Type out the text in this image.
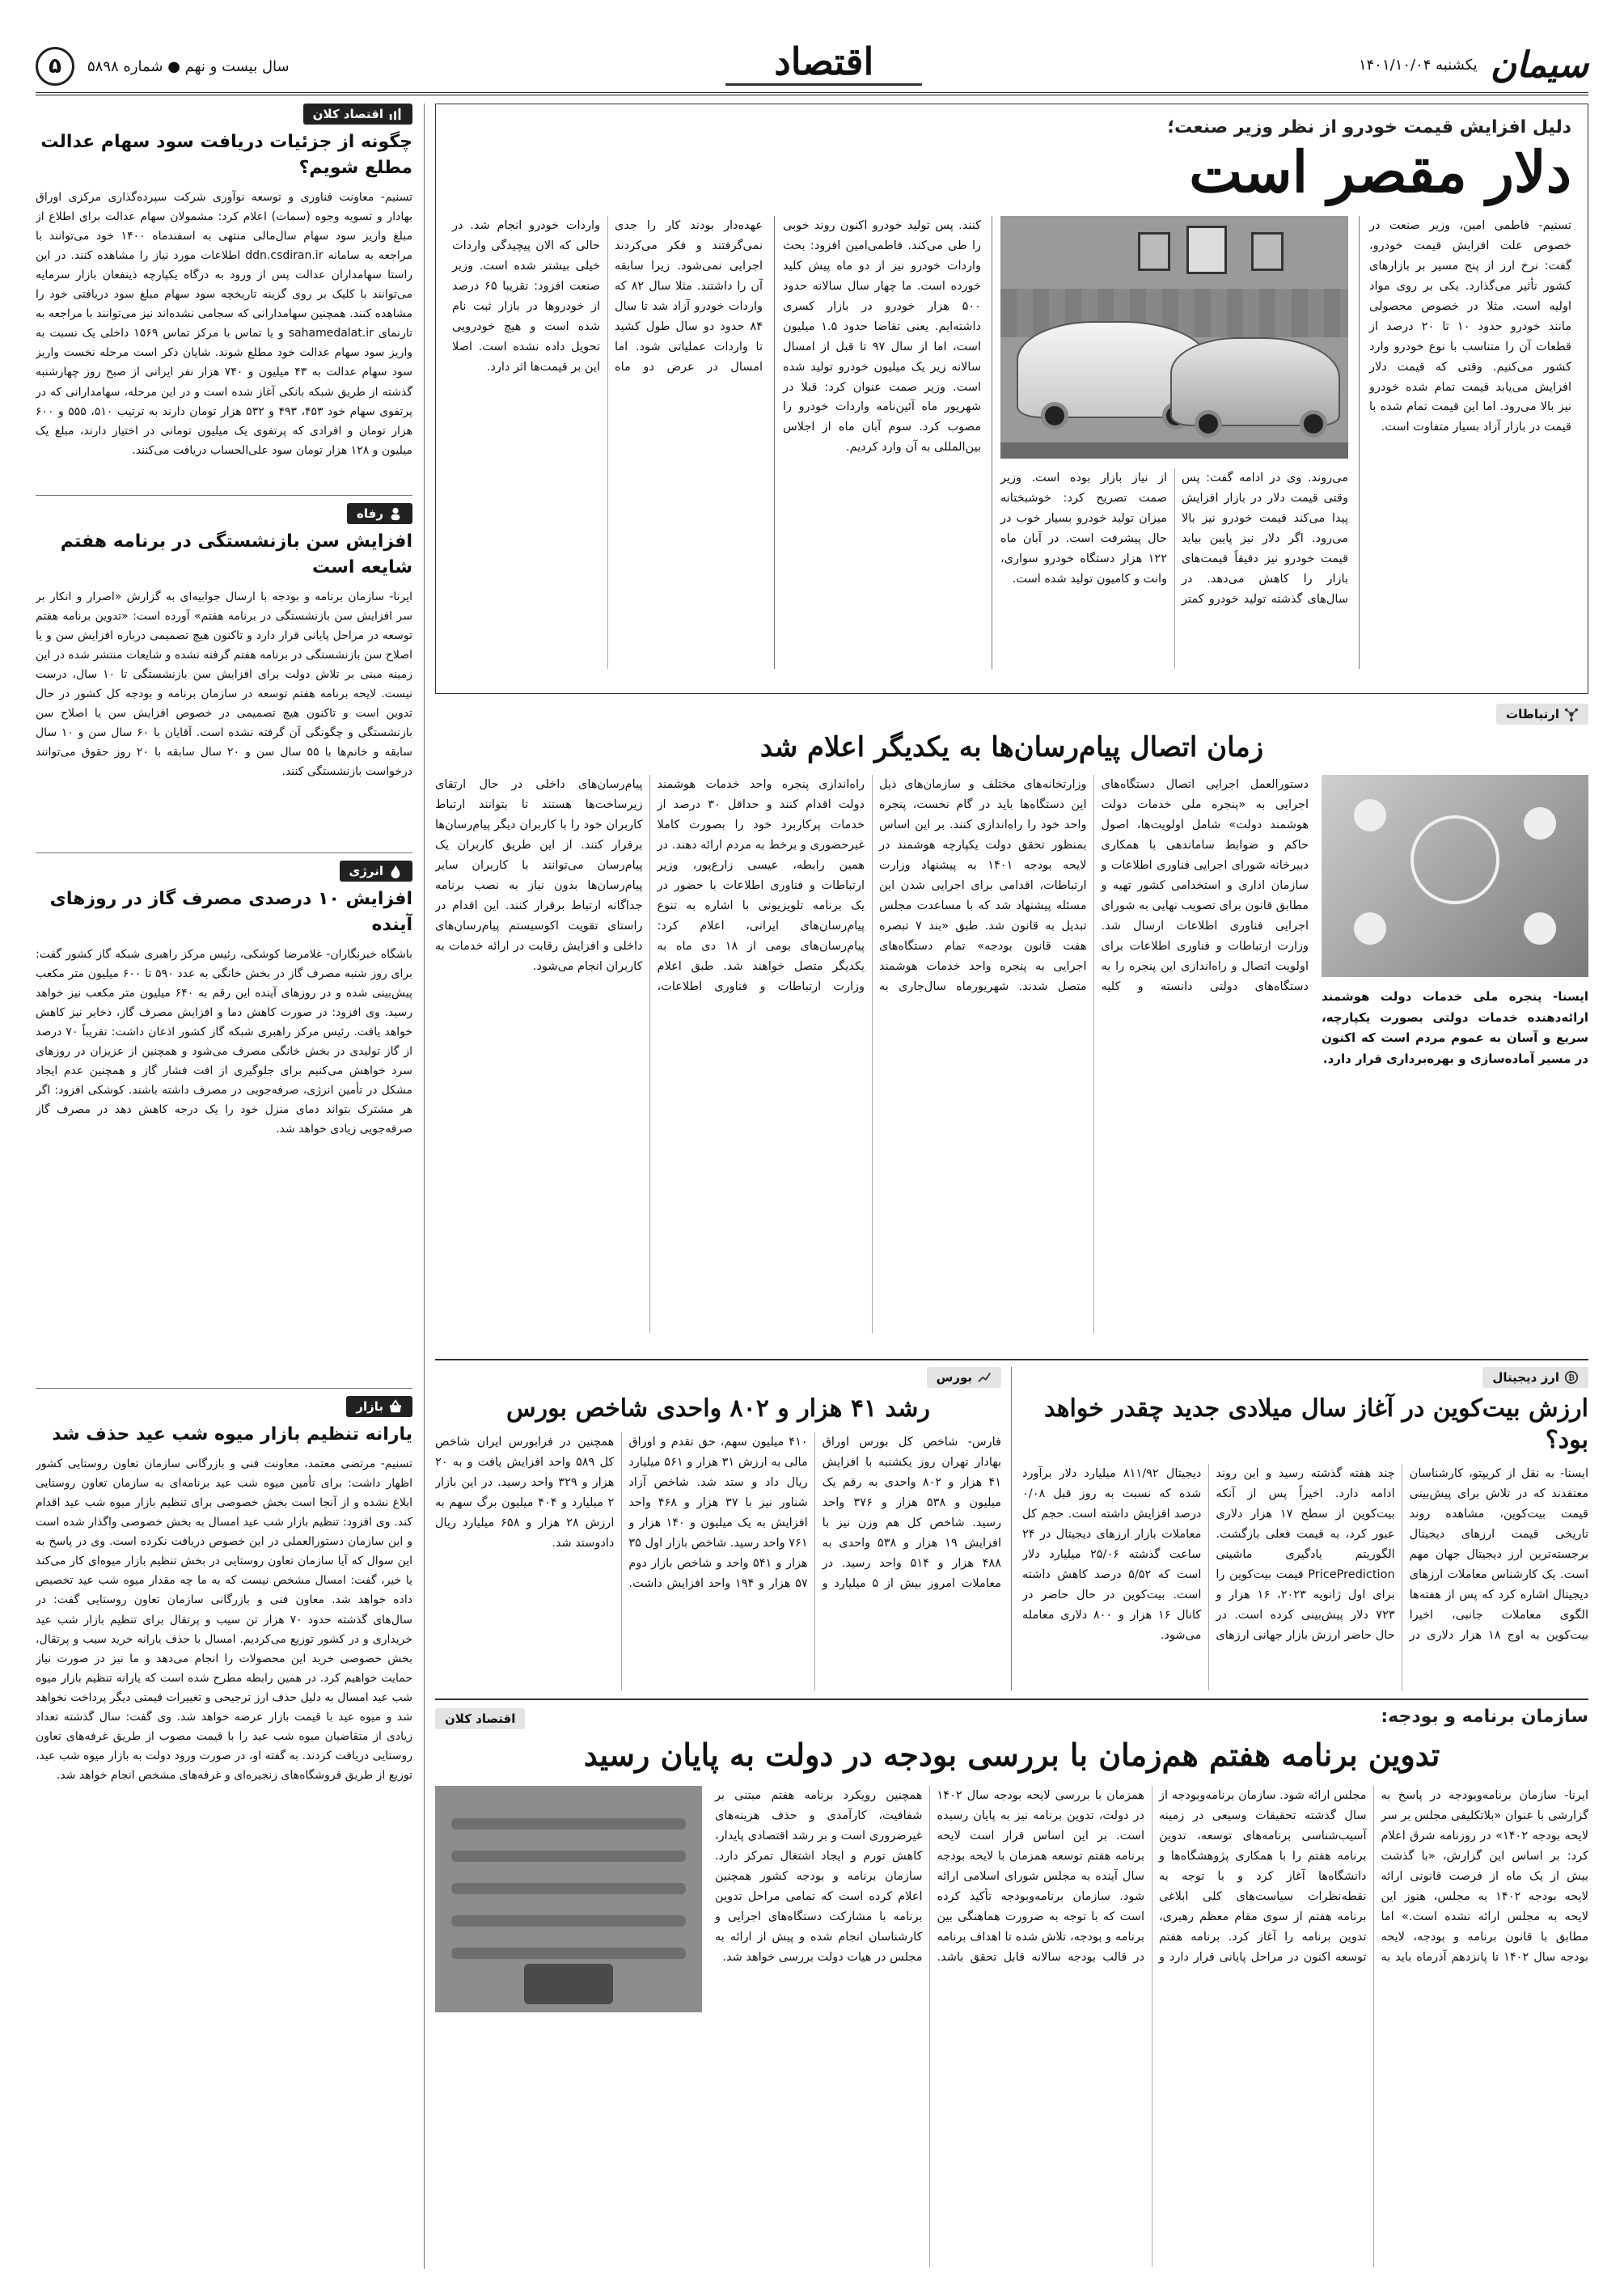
سیمان
یکشنبه ۱۴۰۱/۱۰/۰۴
اقتصاد
سال بیست و نهم ● شماره ۵۸۹۸
۵
اقتصاد کلان
چگونه از جزئیات دریافت سود سهام عدالت مطلع شویم؟
تسنیم- معاونت فناوری و توسعه نوآوری شرکت سپرده‌گذاری مرکزی اوراق بهادار و تسویه وجوه (سمات) اعلام کرد: مشمولان سهام عدالت برای اطلاع از مبلغ واریز سود سهام سال‌مالی منتهی به اسفندماه ۱۴۰۰ خود می‌توانند با مراجعه به سامانه ddn.csdiran.ir اطلاعات مورد نیاز را مشاهده کنند. در این راستا سهامداران عدالت پس از ورود به درگاه یکپارچه ذینفعان بازار سرمایه می‌توانند با کلیک بر روی گزینه تاریخچه سود سهام مبلغ سود دریافتی خود را مشاهده کنند. همچنین سهامدارانی که سجامی نشده‌اند نیز می‌توانند با مراجعه به تارنمای sahamedalat.ir و یا تماس با مرکز تماس ۱۵۶۹ داخلی یک نسبت به واریز سود سهام عدالت خود مطلع شوند. شایان ذکر است مرحله نخست واریز سود سهام عدالت به ۴۳ میلیون و ۷۴۰ هزار نفر ایرانی از صبح روز چهارشنبه گذشته از طریق شبکه بانکی آغاز شده است و در این مرحله، سهامدارانی که در پرتفوی سهام خود ۴۵۳، ۴۹۳ و ۵۳۲ هزار تومان دارند به ترتیب ۵۱۰، ۵۵۵ و ۶۰۰ هزار تومان و افرادی که پرتفوی یک میلیون تومانی در اختیار دارند، مبلغ یک میلیون و ۱۲۸ هزار تومان سود علی‌الحساب دریافت می‌کنند.
رفاه
افزایش سن بازنشستگی در برنامه هفتم شایعه است
ایرنا- سازمان برنامه و بودجه با ارسال جوابیه‌ای به گزارش «اصرار و انکار بر سر افزایش سن بازنشستگی در برنامه هفتم» آورده است: «تدوین برنامه هفتم توسعه در مراحل پایانی قرار دارد و تاکنون هیچ تصمیمی درباره افزایش سن و یا اصلاح سن بازنشستگی در برنامه هفتم گرفته نشده و شایعات منتشر شده در این زمینه مبنی بر تلاش دولت برای افزایش سن بازنشستگی تا ۱۰ سال، درست نیست. لایحه برنامه هفتم توسعه در سازمان برنامه و بودجه کل کشور در حال تدوین است و تاکنون هیچ تصمیمی در خصوص افزایش سن یا اصلاح سن بازنشستگی و چگونگی آن گرفته نشده است. آقایان با ۶۰ سال سن و ۱۰ سال سابقه و خانم‌ها با ۵۵ سال سن و ۲۰ سال سابقه با ۲۰ روز حقوق می‌توانند درخواست بازنشستگی کنند.
انرژی
افزایش ۱۰ درصدی مصرف گاز در روزهای آینده
باشگاه خبرنگاران- غلامرضا کوشکی، رئیس مرکز راهبری شبکه گاز کشور گفت: برای روز شنبه مصرف گاز در بخش خانگی به عدد ۵۹۰ تا ۶۰۰ میلیون متر مکعب پیش‌بینی شده و در روزهای آینده این رقم به ۶۴۰ میلیون متر مکعب نیز خواهد رسید. وی افزود: در صورت کاهش دما و افزایش مصرف گاز، ذخایر نیز کاهش خواهد یافت. رئیس مرکز راهبری شبکه گاز کشور اذعان داشت: تقریباً ۷۰ درصد از گاز تولیدی در بخش خانگی مصرف می‌شود و همچنین از عزیزان در روزهای سرد خواهش می‌کنیم برای جلوگیری از افت فشار گاز و همچنین عدم ایجاد مشکل در تأمین انرژی، صرفه‌جویی در مصرف داشته باشند. کوشکی افزود: اگر هر مشترک بتواند دمای منزل خود را یک درجه کاهش دهد در مصرف گاز صرفه‌جویی زیادی خواهد شد.
بازار
یارانه تنظیم بازار میوه شب عید حذف شد
تسنیم- مرتضی معتمد، معاونت فنی و بازرگانی سازمان تعاون روستایی کشور اظهار داشت: برای تأمین میوه شب عید برنامه‌ای به سازمان تعاون روستایی ابلاغ نشده و از آنجا است بخش خصوصی برای تنظیم بازار میوه شب عید اقدام کند. وی افزود: تنظیم بازار شب عید امسال به بخش خصوصی واگذار شده است و این سازمان دستورالعملی در این خصوص دریافت نکرده است. وی در پاسخ به این سوال که آیا سازمان تعاون روستایی در بخش تنظیم بازار میوه‌ای کار می‌کند یا خیر، گفت: امسال مشخص نیست که به ما چه مقدار میوه شب عید تخصیص داده خواهد شد. معاون فنی و بازرگانی سازمان تعاون روستایی گفت: در سال‌های گذشته حدود ۷۰ هزار تن سیب و پرتقال برای تنظیم بازار شب عید خریداری و در کشور توزیع می‌کردیم. امسال با حذف یارانه خرید سیب و پرتقال، بخش خصوصی خرید این محصولات را انجام می‌دهد و ما نیز در صورت نیاز حمایت خواهیم کرد. در همین رابطه مطرح شده است که یارانه تنظیم بازار میوه شب عید امسال به دلیل حذف ارز ترجیحی و تغییرات قیمتی دیگر پرداخت نخواهد شد و میوه عید با قیمت بازار عرضه خواهد شد. وی گفت: سال گذشته تعداد زیادی از متقاضیان میوه شب عید را با قیمت مصوب از طریق غرفه‌های تعاون روستایی دریافت کردند. به گفته او، در صورت ورود دولت به بازار میوه شب عید، توزیع از طریق فروشگاه‌های زنجیره‌ای و غرفه‌های مشخص انجام خواهد شد.
دلیل افزایش قیمت خودرو از نظر وزیر صنعت؛
دلار مقصر است
تسنیم- فاطمی امین، وزیر صنعت در خصوص علت افزایش قیمت خودرو، گفت: نرخ ارز از پنج مسیر بر بازارهای کشور تأثیر می‌گذارد. یکی بر روی مواد اولیه است. مثلا در خصوص محصولی مانند خودرو حدود ۱۰ تا ۲۰ درصد از قطعات آن را متناسب با نوع خودرو وارد کشور می‌کنیم. وقتی که قیمت دلار افزایش می‌یابد قیمت تمام شده خودرو نیز بالا می‌رود. اما این قیمت تمام شده با قیمت در بازار آزاد بسیار متفاوت است.
می‌روند. وی در ادامه گفت: پس وقتی قیمت دلار در بازار افزایش پیدا می‌کند قیمت خودرو نیز بالا می‌رود. اگر دلار نیز پایین بیاید قیمت خودرو نیز دقیقاً قیمت‌های بازار را کاهش می‌دهد. در سال‌های گذشته تولید خودرو کمتر از نیاز بازار بوده است. وزیر صمت تصریح کرد: خوشبختانه میزان تولید خودرو بسیار خوب در حال پیشرفت است. در آبان ماه ۱۲۲ هزار دستگاه خودرو سواری، وانت و کامیون تولید شده است.
کنند. پس تولید خودرو اکنون روند خوبی را طی می‌کند. فاطمی‌امین افزود: بحث واردات خودرو نیز از دو ماه پیش کلید خورده است. ما چهار سال سالانه حدود ۵۰۰ هزار خودرو در بازار کسری داشته‌ایم. یعنی تقاضا حدود ۱.۵ میلیون است، اما از سال ۹۷ تا قبل از امسال سالانه زیر یک میلیون خودرو تولید شده است. وزیر صمت عنوان کرد: قبلا در شهریور ماه آئین‌نامه واردات خودرو را مصوب کرد. سوم آبان ماه از اجلاس بین‌المللی به آن وارد کردیم.
عهده‌دار بودند کار را جدی نمی‌گرفتند و فکر می‌کردند اجرایی نمی‌شود. زیرا سابقه آن را داشتند. مثلا سال ۸۲ که واردات خودرو آزاد شد تا سال ۸۴ حدود دو سال طول کشید تا واردات عملیاتی شود. اما امسال در عرض دو ماه واردات خودرو انجام شد. در حالی که الان پیچیدگی واردات خیلی بیشتر شده است. وزیر صنعت افزود: تقریبا ۶۵ درصد از خودروها در بازار ثبت نام شده است و هیچ خودرویی تحویل داده نشده است. اصلا این بر قیمت‌ها اثر دارد.
ارتباطات
زمان اتصال پیام‌رسان‌ها به یکدیگر اعلام شد
ایسنا- پنجره ملی خدمات دولت هوشمند ارائه‌دهنده خدمات دولتی بصورت یکپارچه، سریع و آسان به عموم مردم است که اکنون در مسیر آماده‌سازی و بهره‌برداری قرار دارد.
دستورالعمل اجرایی اتصال دستگاه‌های اجرایی به «پنجره ملی خدمات دولت هوشمند دولت» شامل اولویت‌ها، اصول حاکم و ضوابط ساماندهی با همکاری دبیرخانه شورای اجرایی فناوری اطلاعات و سازمان اداری و استخدامی کشور تهیه و مطابق قانون برای تصویب نهایی به شورای اجرایی فناوری اطلاعات ارسال شد. وزارت ارتباطات و فناوری اطلاعات برای اولویت اتصال و راه‌اندازی این پنجره را به دستگاه‌های دولتی دانسته و کلیه وزارتخانه‌های مختلف و سازمان‌های ذیل این دستگاه‌ها باید در گام نخست، پنجره واحد خود را راه‌اندازی کنند. بر این اساس بمنظور تحقق دولت یکپارچه هوشمند در لایحه بودجه ۱۴۰۱ به پیشنهاد وزارت ارتباطات، اقدامی برای اجرایی شدن این مسئله پیشنهاد شد که با مساعدت مجلس تبدیل به قانون شد. طبق «بند ۷ تبصره هفت قانون بودجه» تمام دستگاه‌های اجرایی به پنجره واحد خدمات هوشمند متصل شدند. شهریورماه سال‌جاری به راه‌اندازی پنجره واحد خدمات هوشمند دولت اقدام کنند و حداقل ۳۰ درصد از خدمات پرکاربرد خود را بصورت کاملا غیرحضوری و برخط به مردم ارائه دهند. در همین رابطه، عیسی زارع‌پور، وزیر ارتباطات و فناوری اطلاعات با حضور در یک برنامه تلویزیونی با اشاره به تنوع پیام‌رسان‌های ایرانی، اعلام کرد: پیام‌رسان‌های بومی از ۱۸ دی ماه به یکدیگر متصل خواهند شد. طبق اعلام وزارت ارتباطات و فناوری اطلاعات، پیام‌رسان‌های داخلی در حال ارتقای زیرساخت‌ها هستند تا بتوانند ارتباط کاربران خود را با کاربران دیگر پیام‌رسان‌ها برقرار کنند. از این طریق کاربران یک پیام‌رسان می‌توانند با کاربران سایر پیام‌رسان‌ها بدون نیاز به نصب برنامه جداگانه ارتباط برقرار کنند. این اقدام در راستای تقویت اکوسیستم پیام‌رسان‌های داخلی و افزایش رقابت در ارائه خدمات به کاربران انجام می‌شود.
₿
ارز دیجیتال
ارزش بیت‌کوین در آغاز سال میلادی جدید چقدر خواهد بود؟
ایسنا- به نقل از کریپتو، کارشناسان معتقدند که در تلاش برای پیش‌بینی قیمت بیت‌کوین، مشاهده روند تاریخی قیمت ارزهای دیجیتال برجسته‌ترین ارز دیجیتال جهان مهم است. یک کارشناس معاملات ارزهای دیجیتال اشاره کرد که پس از هفته‌ها الگوی معاملات جانبی، اخیرا بیت‌کوین به اوج ۱۸ هزار دلاری در چند هفته گذشته رسید و این روند ادامه دارد. اخیراً پس از آنکه بیت‌کوین از سطح ۱۷ هزار دلاری عبور کرد، به قیمت فعلی بازگشت. الگوریتم یادگیری ماشینی PricePrediction قیمت بیت‌کوین را برای اول ژانویه ۲۰۲۳، ۱۶ هزار و ۷۲۳ دلار پیش‌بینی کرده است. در حال حاضر ارزش بازار جهانی ارزهای دیجیتال ۸۱۱/۹۲ میلیارد دلار برآورد شده که نسبت به روز قبل ۰/۰۸ درصد افزایش داشته است. حجم کل معاملات بازار ارزهای دیجیتال در ۲۴ ساعت گذشته ۲۵/۰۶ میلیارد دلار است که ۵/۵۲ درصد کاهش داشته است. بیت‌کوین در حال حاضر در کانال ۱۶ هزار و ۸۰۰ دلاری معامله می‌شود.
بورس
رشد ۴۱ هزار و ۸۰۲ واحدی شاخص بورس
فارس- شاخص کل بورس اوراق بهادار تهران روز یکشنبه با افزایش ۴۱ هزار و ۸۰۲ واحدی به رقم یک میلیون و ۵۳۸ هزار و ۳۷۶ واحد رسید. شاخص کل هم وزن نیز با افزایش ۱۹ هزار و ۵۳۸ واحدی به ۴۸۸ هزار و ۵۱۴ واحد رسید. در معاملات امروز بیش از ۵ میلیارد و ۴۱۰ میلیون سهم، حق تقدم و اوراق مالی به ارزش ۳۱ هزار و ۵۶۱ میلیارد ریال داد و ستد شد. شاخص آزاد شناور نیز با ۳۷ هزار و ۴۶۸ واحد افزایش به یک میلیون و ۱۴۰ هزار و ۷۶۱ واحد رسید. شاخص بازار اول ۳۵ هزار و ۵۴۱ واحد و شاخص بازار دوم ۵۷ هزار و ۱۹۴ واحد افزایش داشت. همچنین در فرابورس ایران شاخص کل ۵۸۹ واحد افزایش یافت و به ۲۰ هزار و ۳۲۹ واحد رسید. در این بازار ۲ میلیارد و ۴۰۴ میلیون برگ سهم به ارزش ۲۸ هزار و ۶۵۸ میلیارد ریال دادوستد شد.
سازمان برنامه و بودجه:
اقتصاد کلان
تدوین برنامه هفتم هم‌زمان با بررسی بودجه در دولت به پایان رسید
ایرنا- سازمان برنامه‌وبودجه در پاسخ به گزارشی با عنوان «بلاتکلیفی مجلس بر سر لایحه بودجه ۱۴۰۲» در روزنامه شرق اعلام کرد: بر اساس این گزارش، «با گذشت بیش از یک ماه از فرصت قانونی ارائه لایحه بودجه ۱۴۰۲ به مجلس، هنوز این لایحه به مجلس ارائه نشده است.» اما مطابق با قانون برنامه و بودجه، لایحه بودجه سال ۱۴۰۲ تا پانزدهم آذرماه باید به مجلس ارائه شود. سازمان برنامه‌وبودجه از سال گذشته تحقیقات وسیعی در زمینه آسیب‌شناسی برنامه‌های توسعه، تدوین برنامه هفتم را با همکاری پژوهشگاه‌ها و دانشگاه‌ها آغاز کرد و با توجه به نقطه‌نظرات سیاست‌های کلی ابلاغی برنامه هفتم از سوی مقام معظم رهبری، تدوین برنامه را آغاز کرد. برنامه هفتم توسعه اکنون در مراحل پایانی قرار دارد و همزمان با بررسی لایحه بودجه سال ۱۴۰۲ در دولت، تدوین برنامه نیز به پایان رسیده است. بر این اساس قرار است لایحه برنامه هفتم توسعه همزمان با لایحه بودجه سال آینده به مجلس شورای اسلامی ارائه شود. سازمان برنامه‌وبودجه تأکید کرده است که با توجه به ضرورت هماهنگی بین برنامه و بودجه، تلاش شده تا اهداف برنامه در قالب بودجه سالانه قابل تحقق باشد. همچنین رویکرد برنامه هفتم مبتنی بر شفافیت، کارآمدی و حذف هزینه‌های غیرضروری است و بر رشد اقتصادی پایدار، کاهش تورم و ایجاد اشتغال تمرکز دارد. سازمان برنامه و بودجه کشور همچنین اعلام کرده است که تمامی مراحل تدوین برنامه با مشارکت دستگاه‌های اجرایی و کارشناسان انجام شده و پیش از ارائه به مجلس در هیات دولت بررسی خواهد شد.
